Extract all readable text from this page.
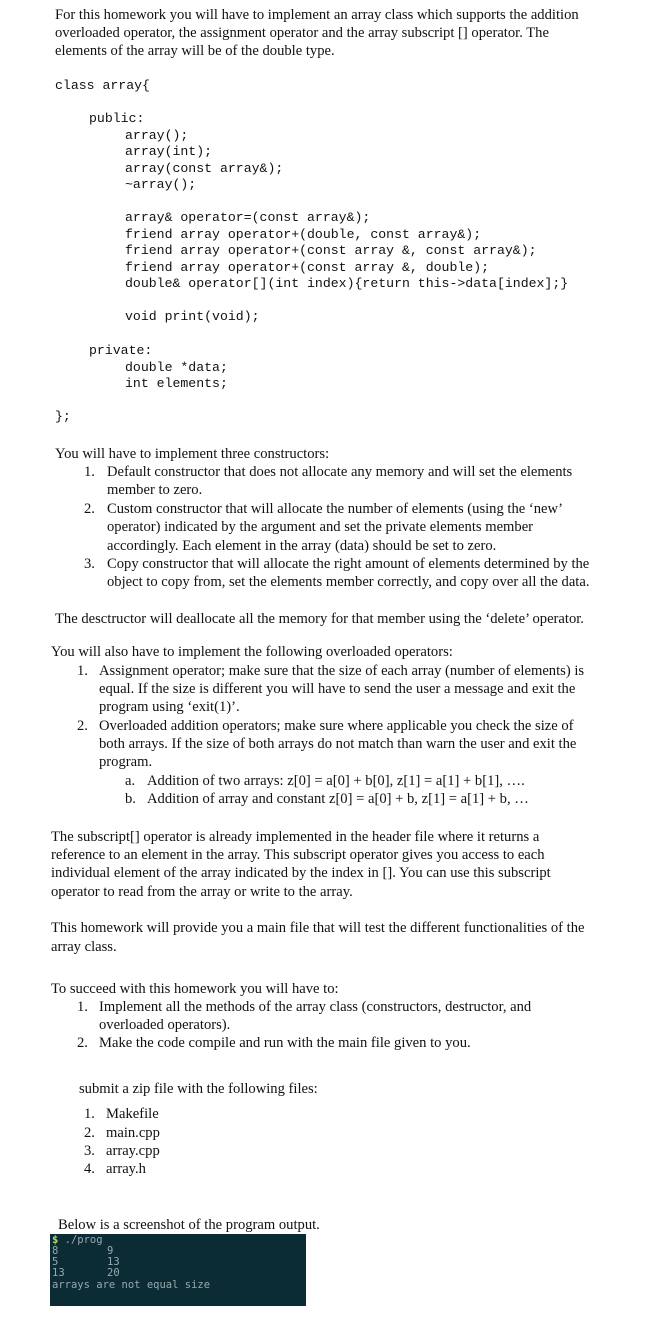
For this homework you will have to implement an array class which supports the addition
overloaded operator, the assignment operator and the array subscript [] operator. The
elements of the array will be of the double type.
class array{
public:
array();
array(int);
array(const array&);
~array();
array& operator=(const array&);
friend array operator+(double, const array&);
friend array operator+(const array &, const array&);
friend array operator+(const array &, double);
double& operator[](int index){return this->data[index];}
void print(void);
private:
double *data;
int elements;
};
You will have to implement three constructors:
1. Default constructor that does not allocate any memory and will set the elements
member to zero.
2. Custom constructor that will allocate the number of elements (using the ‘new’
operator) indicated by the argument and set the private elements member
accordingly. Each element in the array (data) should be set to zero.
3. Copy constructor that will allocate the right amount of elements determined by the
object to copy from, set the elements member correctly, and copy over all the data.
The desctructor will deallocate all the memory for that member using the ‘delete’ operator.
You will also have to implement the following overloaded operators:
1. Assignment operator; make sure that the size of each array (number of elements) is
equal. If the size is different you will have to send the user a message and exit the
program using ‘exit(1)’.
2. Overloaded addition operators; make sure where applicable you check the size of
both arrays. If the size of both arrays do not match than warn the user and exit the
program.
a. Addition of two arrays: z[0] = a[0] + b[0], z[1] = a[1] + b[1], ….
b. Addition of array and constant z[0] = a[0] + b, z[1] = a[1] + b, …
The subscript[] operator is already implemented in the header file where it returns a
reference to an element in the array. This subscript operator gives you access to each
individual element of the array indicated by the index in []. You can use this subscript
operator to read from the array or write to the array.
This homework will provide you a main file that will test the different functionalities of the
array class.
To succeed with this homework you will have to:
1. Implement all the methods of the array class (constructors, destructor, and
overloaded operators).
2. Make the code compile and run with the main file given to you.
submit a zip file with the following files:
1. Makefile
2. main.cpp
3. array.cpp
4. array.h
Below is a screenshot of the program output.
$ ./prog
8	9
5	13
13	20
arrays are not equal size
